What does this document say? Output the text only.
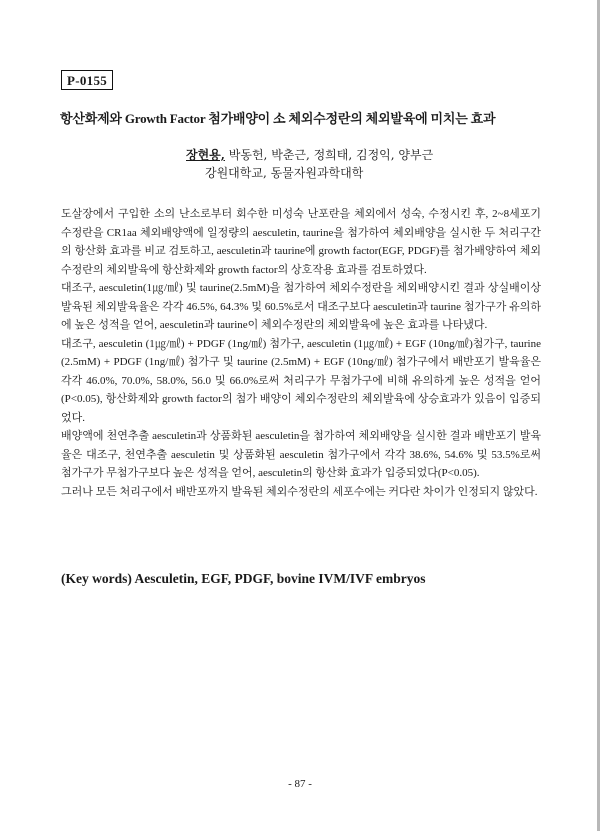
P-0155
항산화제와 Growth Factor 첨가배양이 소 체외수정란의 체외발육에 미치는 효과
장현용, 박동헌, 박춘근, 정희태, 김정익, 양부근
강원대학교, 동물자원과학대학

도살장에서 구입한 소의 난소로부터 회수한 미성숙 난포란을 체외에서 성숙, 수정시킨 후, 2~8세포기 수정란을 CR1aa 체외배양액에 일정량의 aesculetin, taurine을 첨가하여 체외배양을 실시한 두 처리구간의 항산화 효과를 비교 검토하고, aesculetin과 taurine에 growth factor(EGF, PDGF)를 첨가배양하여 체외수정란의 체외발육에 항산화제와 growth factor의 상호작용 효과를 검토하였다.

대조구, aesculetin(1㎍/㎖) 및 taurine(2.5mM)을 첨가하여 체외수정란을 체외배양시킨 결과 상실배이상 발육된 체외발육율은 각각 46.5%, 64.3% 및 60.5%로서 대조구보다 aesculetin과 taurine 첨가구가 유의하에 높은 성적을 얻어, aesculetin과 taurine이 체외수정란의 체외발육에 높은 효과를 나타냈다.

대조구, aesculetin (1㎍/㎖) + PDGF (1ng/㎖) 첨가구, aesculetin (1㎍/㎖) + EGF (10ng/㎖)첨가구, taurine (2.5mM) + PDGF (1ng/㎖) 첨가구 및 taurine (2.5mM) + EGF (10ng/㎖) 첨가구에서 배반포기 발육율은 각각 46.0%, 70.0%, 58.0%, 56.0 및 66.0%로써 처리구가 무첨가구에 비해 유의하게 높은 성적을 얻어(P<0.05), 항산화제와 growth factor의 첨가 배양이 체외수정란의 체외발육에 상승효과가 있음이 입증되었다.

배양액에 천연추출 aesculetin과 상품화된 aesculetin을 첨가하여 체외배양을 실시한 결과 배반포기 발육율은 대조구, 천연추출 aesculetin 및 상품화된 aesculetin 첨가구에서 각각 38.6%, 54.6% 및 53.5%로써 첨가구가 무첨가구보다 높은 성적을 얻어, aesculetin의 항산화 효과가 입증되었다(P<0.05).

그러나 모든 처리구에서 배반포까지 발육된 체외수정란의 세포수에는 커다란 차이가 인정되지 않았다.

(Key words) Aesculetin, EGF, PDGF, bovine IVM/IVF embryos
- 87 -
